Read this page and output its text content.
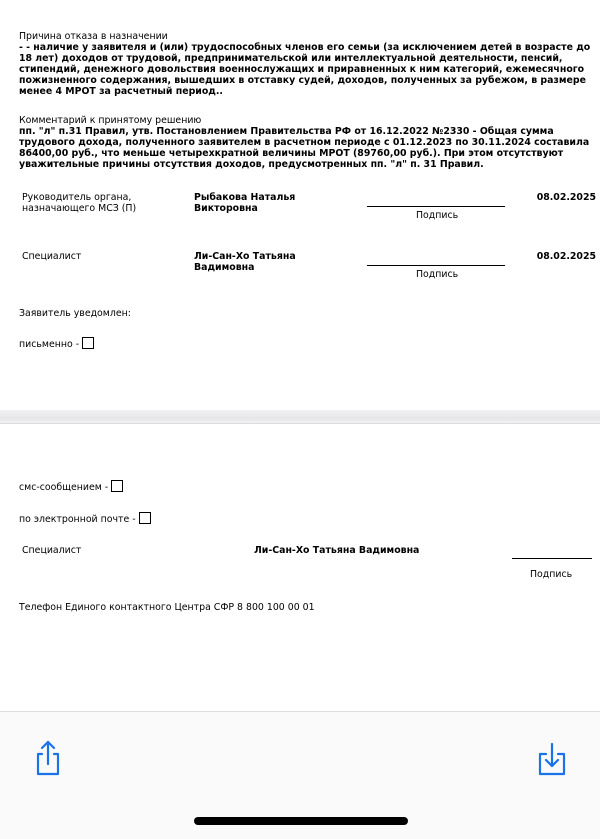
Причина отказа в назначении
- - наличие у заявителя и (или) трудоспособных членов его семьи (за исключением детей в возрасте до 18 лет) доходов от трудовой, предпринимательской или интеллектуальной деятельности, пенсий, стипендий, денежного довольствия военнослужащих и приравненных к ним категорий, ежемесячного пожизненного содержания, вышедших в отставку судей, доходов, полученных за рубежом, в размере менее 4 МРОТ за расчетный период..
Комментарий к принятому решению
пп. "л" п.31 Правил, утв. Постановлением Правительства РФ от 16.12.2022 №2330 - Общая сумма трудового дохода, полученного заявителем в расчетном периоде с 01.12.2023 по 30.11.2024 составила 86400,00 руб., что меньше четырехкратной величины МРОТ (89760,00 руб.). При этом отсутствуют уважительные причины отсутствия доходов, предусмотренных пп. "л" п. 31 Правил.
Руководитель органа, назначающего МСЗ (П)
Рыбакова Наталья Викторовна
Подпись
08.02.2025
Специалист	Ли-Сан-Хо Татьяна Вадимовна
Подпись
08.02.2025
Заявитель уведомлен:
письменно -
смс-сообщением -
по электронной почте -
Специалист	Ли-Сан-Хо Татьяна Вадимовна
Подпись
Телефон Единого контактного Центра СФР 8 800 100 00 01
